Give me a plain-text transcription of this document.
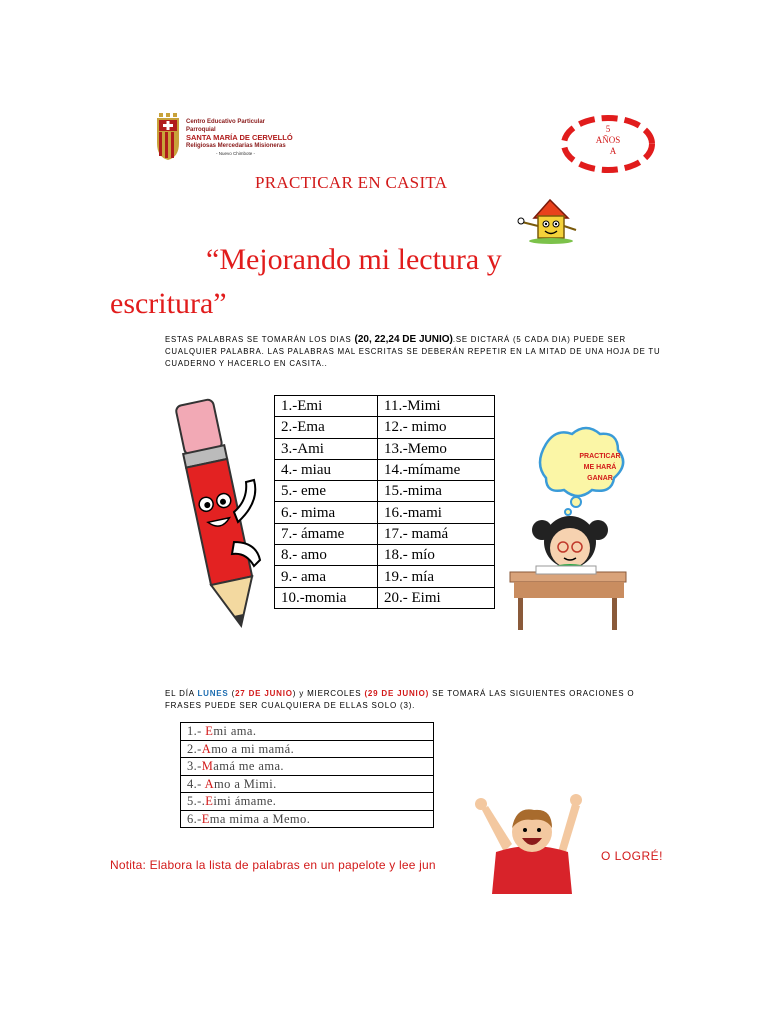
Centro Educativo Particular Parroquial
SANTA MARÍA DE CERVELLÓ
Religiosas Mercedarias Misioneras
- Nuevo Chimbote -
5
AÑOS
A
PRACTICAR EN CASITA
“Mejorando mi lectura y escritura”
ESTAS PALABRAS SE TOMARÁN LOS DIAS (20, 22,24 DE JUNIO).SE DICTARÁ (5 CADA DIA) PUEDE SER CUALQUIER PALABRA. LAS PALABRAS MAL ESCRITAS SE DEBERÁN REPETIR EN LA MITAD DE UNA HOJA DE TU CUADERNO Y HACERLO EN CASITA..
1.-Emi	11.-Mimi
2.-Ema	12.- mimo
3.-Ami	13.-Memo
4.- miau	14.-mímame
5.- eme	15.-mima
6.- mima	16.-mami
7.- ámame	17.- mamá
8.- amo	18.- mío
9.- ama	19.- mía
10.-momia	20.- Eimi
PRACTICAR
ME HARÁ
GANAR
EL DÍA LUNES (27 DE JUNIO) y MIERCOLES (29 DE JUNIO) SE TOMARÁ LAS SIGUIENTES ORACIONES O FRASES PUEDE SER CUALQUIERA DE ELLAS SOLO (3).
1.- Emi ama.
2.-Amo a mi mamá.
3.-Mamá me ama.
4.- Amo a Mimi.
5.-.Eimi ámame.
6.-Ema mima a Memo.
Notita: Elabora la lista de palabras en un papelote y lee jun
O LOGRÉ!
